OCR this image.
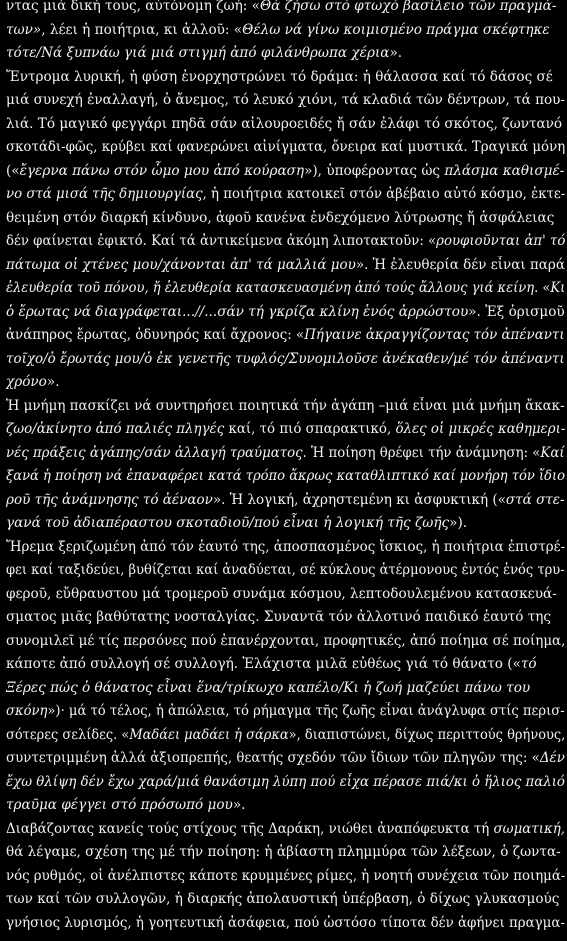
ντας μιά δική τους, αὐτόνομη ζωή: «Θά ζήσω στό φτωχό βασίλειο τῶν πραγμά-
των», λέει ἡ ποιήτρια, κι ἀλλοῦ: «Θέλω νά γίνω κοιμισμένο πράγμα σκέφτηκε
τότε/Νά ξυπνάω γιά μιά στιγμή ἀπό φιλάνθρωπα χέρια».
Ἔντρομα λυρική, ἡ φύση ἐνορχηστρώνει τό δράμα: ἡ θάλασσα καί τό δάσος σέ
μιά συνεχή ἐναλλαγή, ὁ ἄνεμος, τό λευκό χιόνι, τά κλαδιά τῶν δέντρων, τά που-
λιά. Τό μαγικό φεγγάρι πηδᾶ σάν αἰλουροειδές ἤ σάν ἐλάφι τό σκότος, ζωντανό
σκοτάδι-φῶς, κρύβει καί φανερώνει αἰνίγματα, ὄνειρα καί μυστικά. Τραγικά μόνη
(«ἔγερνα πάνω στόν ὦμο μου ἀπό κούραση»), ὑποφέροντας ὡς πλάσμα καθισμέ-
νο στά μισά τῆς δημιουργίας, ἡ ποιήτρια κατοικεῖ στόν ἀβέβαιο αὐτό κόσμο, ἐκτε-
θειμένη στόν διαρκή κίνδυνο, ἀφοῦ κανένα ἐνδεχόμενο λύτρωσης ἤ ἀσφάλειας
δέν φαίνεται ἐφικτό. Καί τά ἀντικείμενα ἀκόμη λιποτακτοῦν: «ρουφιοῦνται ἀπ' τό
πάτωμα οἱ χτένες μου/χάνονται ἀπ' τά μαλλιά μου». Ἡ ἐλευθερία δέν εἶναι παρά
ἐλευθερία τοῦ πόνου, ἤ ἐλευθερία κατασκευασμένη ἀπό τούς ἄλλους γιά κείνη. «Κι
ὁ ἔρωτας νά διαγράφεται...//...σάν τή γκρίζα κλίνη ἑνός ἀρρώστου». Ἐξ ὁρισμοῦ
ἀνάπηρος ἔρωτας, ὀδυνηρός καί ἄχρονος: «Πήγαινε ἀκραγγίζοντας τόν ἀπέναντι
τοῖχο/ὁ ἔρωτάς μου/ὁ ἐκ γενετῆς τυφλός/Συνομιλοῦσε ἀνέκαθεν/μέ τόν ἀπέναντι
χρόνο».
Ἡ μνήμη πασκίζει νά συντηρήσει ποιητικά τήν ἀγάπη –μιά εἶναι μιά μνήμη ἄκακ-
ζωο/ἀκίνητο ἀπό παλιές πληγές καί, τό πιό σπαρακτικό, ὅλες οἱ μικρές καθημερι-
νές πράξεις ἀγάπης/σάν ἀλλαγή τραύματος. Ἡ ποίηση θρέφει τήν ἀνάμνηση: «Καί
ξανά ἡ ποίηση νά ἐπαναφέρει κατά τρόπο ἄκρως καταθλιπτικό καί μονήρη τόν ἴδιο
ροῦ τῆς ἀνάμνησης τό ἀέναον». Ἡ λογική, ἀχρηστεμένη κι ἀσφυκτική («στά στε-
γανά τοῦ ἀδιαπέραστου σκοταδιοῦ/πού εἶναι ἡ λογική τῆς ζωῆς»).
Ἤρεμα ξεριζωμένη ἀπό τόν ἑαυτό της, ἀποσπασμένος ἴσκιος, ἡ ποιήτρια ἐπιστρέ-
φει καί ταξιδεύει, βυθίζεται καί ἀναδύεται, σέ κύκλους ἀτέρμονους ἐντός ἑνός τρυ-
φεροῦ, εὔθραυστου μά τρομεροῦ συνάμα κόσμου, λεπτοδουλεμένου κατασκευά-
σματος μιᾶς βαθύτατης νοσταλγίας. Συναντᾶ τόν ἀλλοτινό παιδικό ἑαυτό της
συνομιλεῖ μέ τίς περσόνες πού ἐπανέρχονται, προφητικές, ἀπό ποίημα σέ ποίημα,
κάποτε ἀπό συλλογή σέ συλλογή. Ἐλάχιστα μιλᾶ εὐθέως γιά τό θάνατο («τό
Ξέρες πώς ὁ θάνατος εἶναι ἕνα/τρίκωχο καπέλο/Κι ἡ ζωή μαζεύει πάνω του
σκόνη»)· μά τό τέλος, ἡ ἀπώλεια, τό ρήμαγμα τῆς ζωῆς εἶναι ἀνάγλυφα στίς περισ-
σότερες σελίδες. «Μαδάει μαδάει ἡ σάρκα», διαπιστώνει, δίχως περιττούς θρήνους,
συντετριμμένη ἀλλά ἀξιοπρεπής, θεατής σχεδόν τῶν ἴδιων τῶν πληγῶν της: «Δέν
ἔχω θλίψη δέν ἔχω χαρά/μιά θανάσιμη λύπη πού εἶχα πέρασε πιά/κι ὁ ἥλιος παλιό
τραῦμα φέγγει στό πρόσωπό μου».
Διαβάζοντας κανείς τούς στίχους τῆς Δαράκη, νιώθει ἀναπόφευκτα τή σωματική,
θά λέγαμε, σχέση της μέ τήν ποίηση: ἡ ἀβίαστη πλημμύρα τῶν λέξεων, ὁ ζωντα-
νός ρυθμός, οἱ ἀνέλπιστες κάποτε κρυμμένες ρίμες, ἡ νοητή συνέχεια τῶν ποιημά-
των καί τῶν συλλογῶν, ἡ διαρκής ἀπολαυστική ὑπέρβαση, ὁ δίχως γλυκασμούς
γνήσιος λυρισμός, ἡ γοητευτική ἀσάφεια, πού ὡστόσο τίποτα δέν ἀφήνει πραγμα-
